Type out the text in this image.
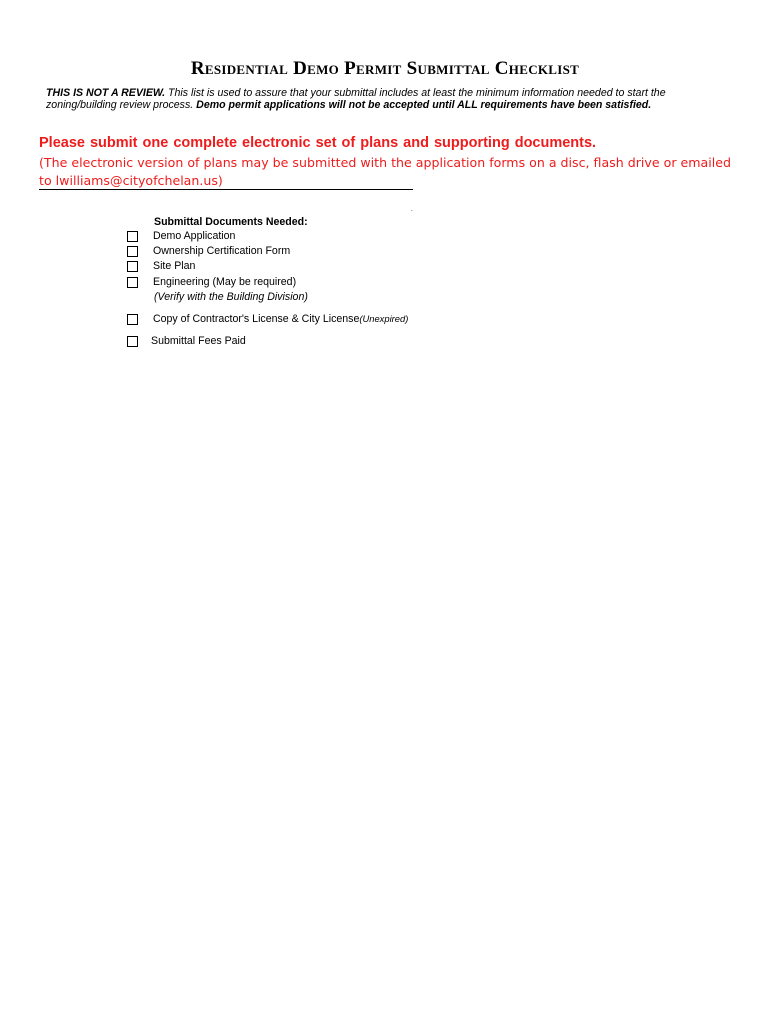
Residential Demo Permit Submittal Checklist
THIS IS NOT A REVIEW. This list is used to assure that your submittal includes at least the minimum information needed to start the zoning/building review process. Demo permit applications will not be accepted until ALL requirements have been satisfied.
Please submit one complete electronic set of plans and supporting documents.
(The electronic version of plans may be submitted with the application forms on a disc, flash drive or emailed to lwilliams@cityofchelan.us)
.
Submittal Documents Needed:
Demo Application
Ownership Certification Form
Site Plan
Engineering (May be required)
(Verify with the Building Division)
Copy of Contractor's License & City License(Unexpired)
Submittal Fees Paid
